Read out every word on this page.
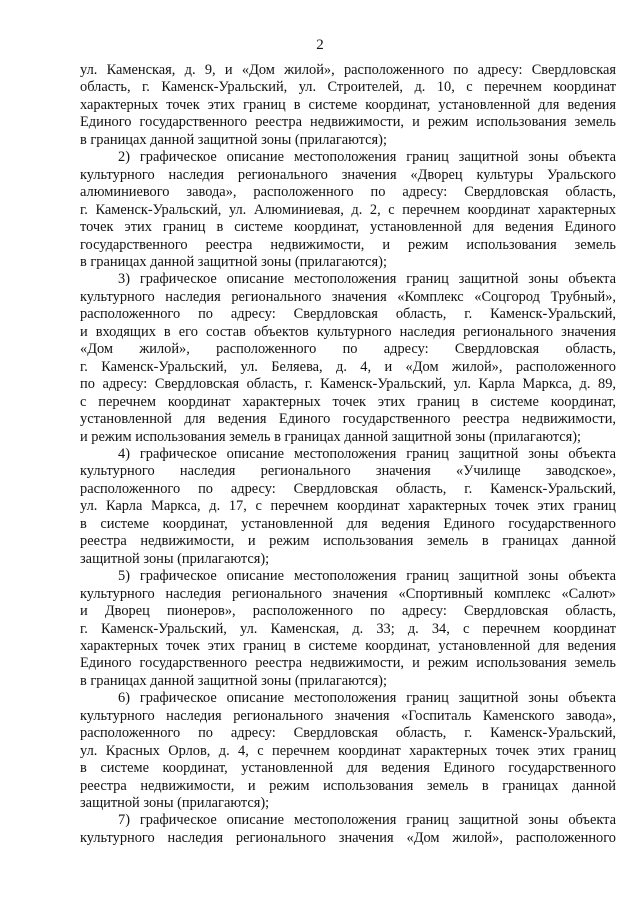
2

ул. Каменская, д. 9, и «Дом жилой», расположенного по адресу: Свердловская
область, г. Каменск-Уральский, ул. Строителей, д. 10, с перечнем координат
характерных точек этих границ в системе координат, установленной для ведения
Единого государственного реестра недвижимости, и режим использования земель
в границах данной защитной зоны (прилагаются);

2) графическое описание местоположения границ защитной зоны объекта
культурного наследия регионального значения «Дворец культуры Уральского
алюминиевого завода», расположенного по адресу: Свердловская область,
г. Каменск-Уральский, ул. Алюминиевая, д. 2, с перечнем координат характерных
точек этих границ в системе координат, установленной для ведения Единого
государственного реестра недвижимости, и режим использования земель
в границах данной защитной зоны (прилагаются);

3) графическое описание местоположения границ защитной зоны объекта
культурного наследия регионального значения «Комплекс «Соцгород Трубный»,
расположенного по адресу: Свердловская область, г. Каменск-Уральский,
и входящих в его состав объектов культурного наследия регионального значения
«Дом жилой», расположенного по адресу: Свердловская область,
г. Каменск-Уральский, ул. Беляева, д. 4, и «Дом жилой», расположенного
по адресу: Свердловская область, г. Каменск-Уральский, ул. Карла Маркса, д. 89,
с перечнем координат характерных точек этих границ в системе координат,
установленной для ведения Единого государственного реестра недвижимости,
и режим использования земель в границах данной защитной зоны (прилагаются);

4) графическое описание местоположения границ защитной зоны объекта
культурного наследия регионального значения «Училище заводское»,
расположенного по адресу: Свердловская область, г. Каменск-Уральский,
ул. Карла Маркса, д. 17, с перечнем координат характерных точек этих границ
в системе координат, установленной для ведения Единого государственного
реестра недвижимости, и режим использования земель в границах данной
защитной зоны (прилагаются);

5) графическое описание местоположения границ защитной зоны объекта
культурного наследия регионального значения «Спортивный комплекс «Салют»
и Дворец пионеров», расположенного по адресу: Свердловская область,
г. Каменск-Уральский, ул. Каменская, д. 33; д. 34, с перечнем координат
характерных точек этих границ в системе координат, установленной для ведения
Единого государственного реестра недвижимости, и режим использования земель
в границах данной защитной зоны (прилагаются);

6) графическое описание местоположения границ защитной зоны объекта
культурного наследия регионального значения «Госпиталь Каменского завода»,
расположенного по адресу: Свердловская область, г. Каменск-Уральский,
ул. Красных Орлов, д. 4, с перечнем координат характерных точек этих границ
в системе координат, установленной для ведения Единого государственного
реестра недвижимости, и режим использования земель в границах данной
защитной зоны (прилагаются);

7) графическое описание местоположения границ защитной зоны объекта
культурного наследия регионального значения «Дом жилой», расположенного
